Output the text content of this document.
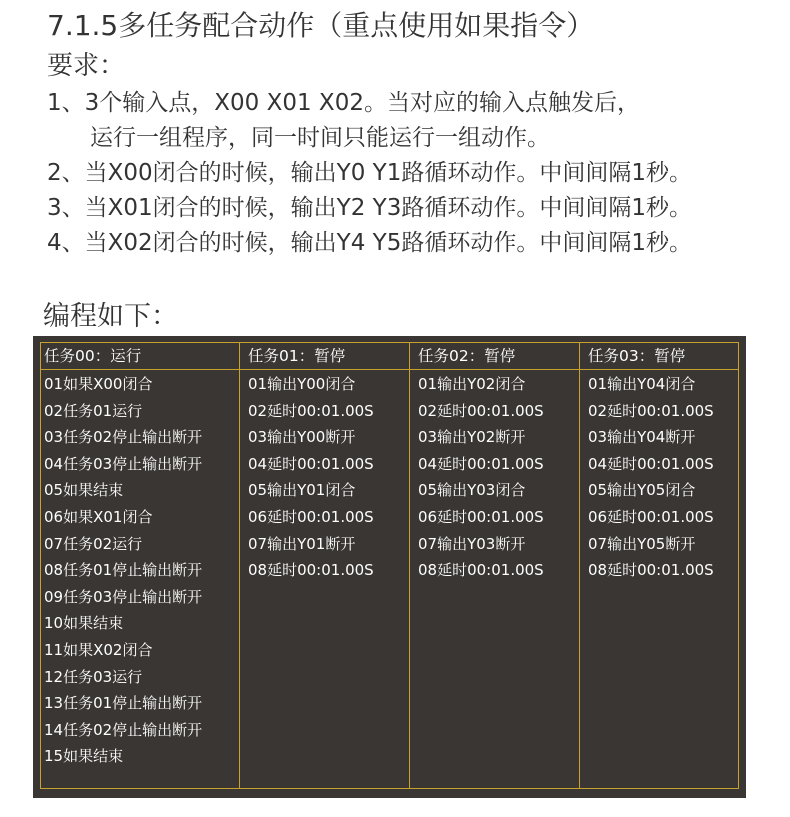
7.1.5多任务配合动作（重点使用如果指令）
要求：
1、3个输入点，X00 X01 X02。当对应的输入点触发后，
运行一组程序，同一时间只能运行一组动作。
2、当X00闭合的时候，输出Y0 Y1路循环动作。中间间隔1秒。
3、当X01闭合的时候，输出Y2 Y3路循环动作。中间间隔1秒。
4、当X02闭合的时候，输出Y4 Y5路循环动作。中间间隔1秒。
编程如下：
任务00：运行
01如果X00闭合
02任务01运行
03任务02停止输出断开
04任务03停止输出断开
05如果结束
06如果X01闭合
07任务02运行
08任务01停止输出断开
09任务03停止输出断开
10如果结束
11如果X02闭合
12任务03运行
13任务01停止输出断开
14任务02停止输出断开
15如果结束
任务01：暂停
01输出Y00闭合
02延时00:01.00S
03输出Y00断开
04延时00:01.00S
05输出Y01闭合
06延时00:01.00S
07输出Y01断开
08延时00:01.00S
任务02：暂停
01输出Y02闭合
02延时00:01.00S
03输出Y02断开
04延时00:01.00S
05输出Y03闭合
06延时00:01.00S
07输出Y03断开
08延时00:01.00S
任务03：暂停
01输出Y04闭合
02延时00:01.00S
03输出Y04断开
04延时00:01.00S
05输出Y05闭合
06延时00:01.00S
07输出Y05断开
08延时00:01.00S
